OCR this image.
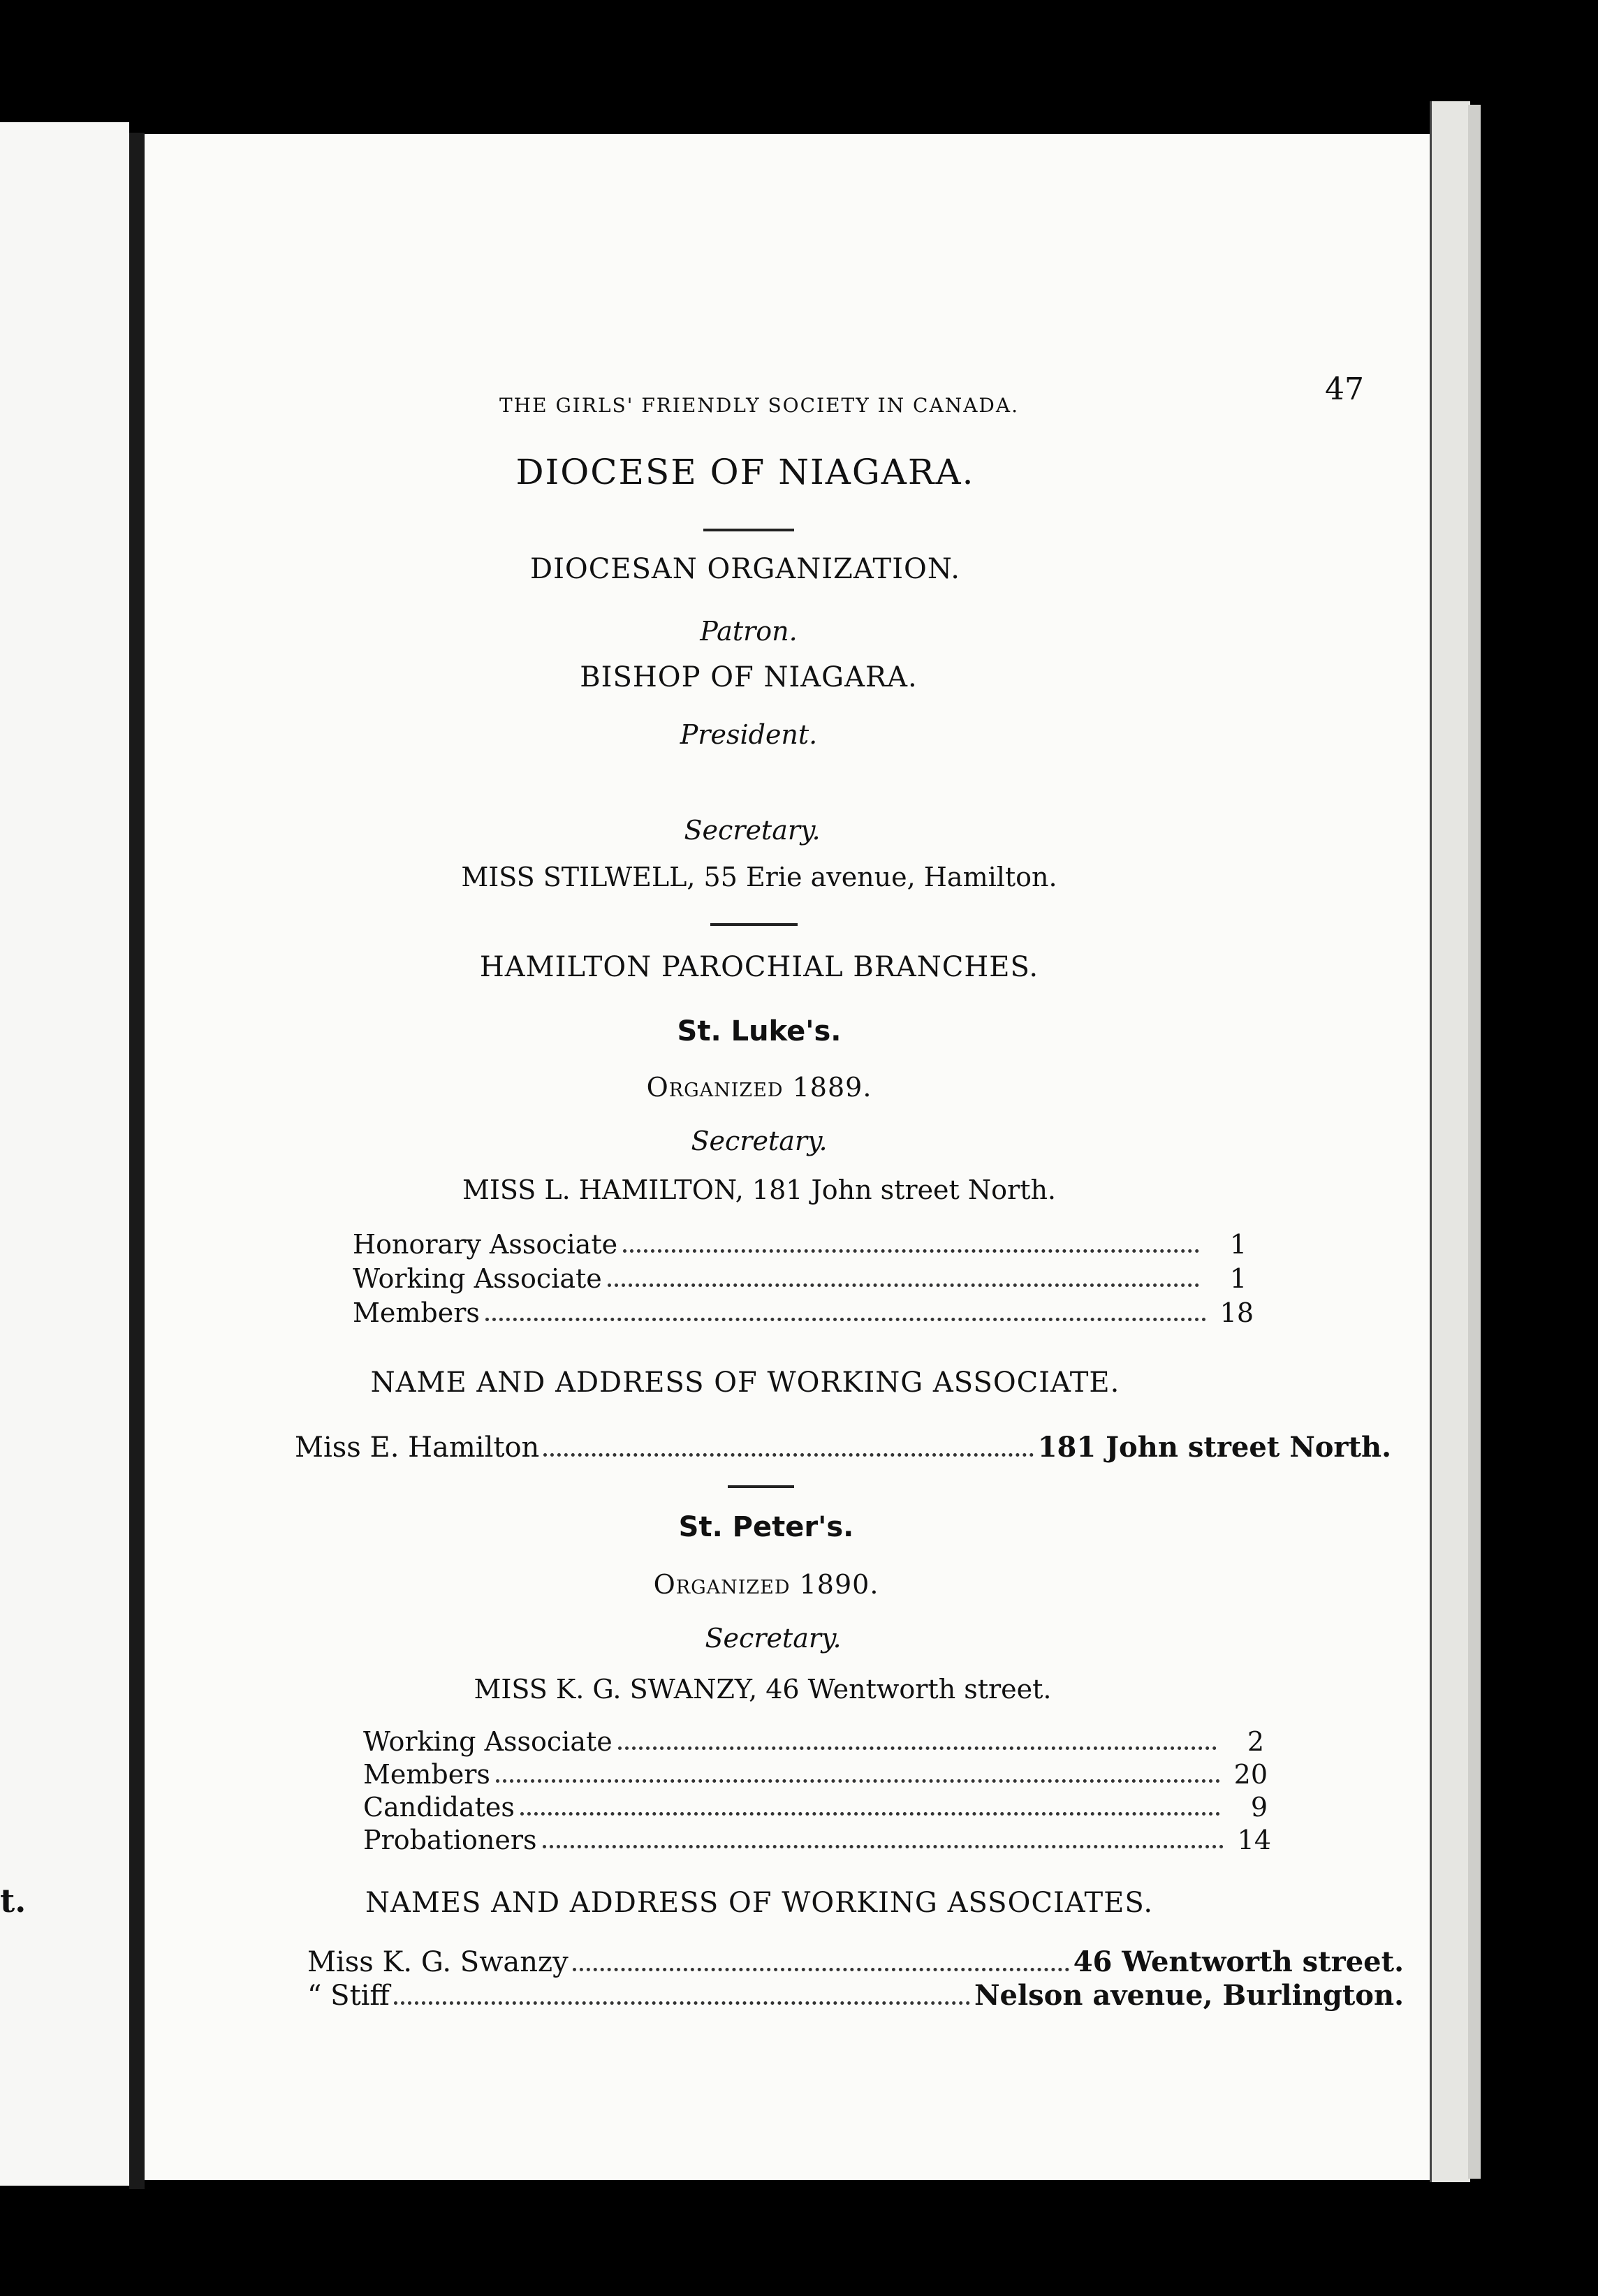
t.
THE GIRLS' FRIENDLY SOCIETY IN CANADA.	47
DIOCESE OF NIAGARA.
DIOCESAN ORGANIZATION.
Patron.
BISHOP OF NIAGARA.
President.
Secretary.
MISS STILWELL, 55 Erie avenue, Hamilton.
HAMILTON PAROCHIAL BRANCHES.
St. Luke's.
Organized 1889.
Secretary.
MISS L. HAMILTON, 181 John street North.
Honorary Associate	1
Working Associate	1
Members	18
NAME AND ADDRESS OF WORKING ASSOCIATE.
Miss E. Hamilton	181 John street North.
St. Peter's.
Organized 1890.
Secretary.
MISS K. G. SWANZY, 46 Wentworth street.
Working Associate	2
Members	20
Candidates	9
Probationers	14
NAMES AND ADDRESS OF WORKING ASSOCIATES.
Miss K. G. Swanzy	46 Wentworth street.
“ Stiff	Nelson avenue, Burlington.
